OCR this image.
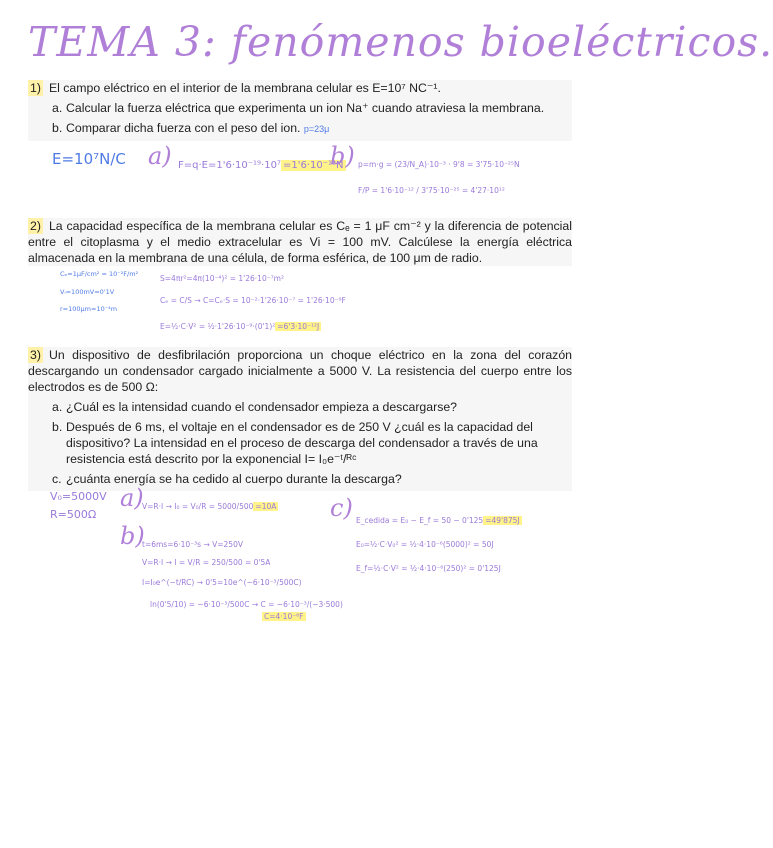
TEMA 3: fenómenos bioeléctricos.

1) El campo eléctrico en el interior de la membrana celular es E=10⁷ NC⁻¹.

a. Calcular la fuerza eléctrica que experimenta un ion Na⁺ cuando atraviesa la membrana.
b. Comparar dicha fuerza con el peso del ion. p=23μ
E=10⁷N/C a) F=q·E=1'6·10⁻¹⁹·10⁷ =1'6·10⁻¹²N
b) p=m·g = (23/N_A)·10⁻³ · 9'8 = 3'75·10⁻²⁵N
F/P = 1'6·10⁻¹² / 3'75·10⁻²⁵ = 4'27·10¹²

2) La capacidad específica de la membrana celular es Cₑ = 1 μF cm⁻² y la diferencia de potencial entre el citoplasma y el medio extracelular es Vi = 100 mV. Calcúlese la energía eléctrica almacenada en la membrana de una célula, de forma esférica, de 100 μm de radio.

Cₑ=1μF/cm² = 10⁻²F/m²
Vᵢ=100mV=0'1V
r=100μm=10⁻⁴m
S=4πr²=4π(10⁻⁴)² = 1'26·10⁻⁷m²
Cₑ = C/S → C=Cₑ·S = 10⁻²·1'26·10⁻⁷ = 1'26·10⁻⁹F
E=½·C·V² = ½·1'26·10⁻⁹·(0'1)² =6'3·10⁻¹²J

3) Un dispositivo de desfibrilación proporciona un choque eléctrico en la zona del corazón descargando un condensador cargado inicialmente a 5000 V. La resistencia del cuerpo entre los electrodos es de 500 Ω:

a. ¿Cuál es la intensidad cuando el condensador empieza a descargarse?
b. Después de 6 ms, el voltaje en el condensador es de 250 V ¿cuál es la capacidad del dispositivo? La intensidad en el proceso de descarga del condensador a través de una resistencia está descrito por la exponencial I= I₀e⁻ᵗ/ᴿᶜ
c. ¿cuánta energía se ha cedido al cuerpo durante la descarga?
V₀=5000V
R=500Ω
a)
V=R·I → I₀ = V₀/R = 5000/500 =10A
b)
t=6ms=6·10⁻³s → V=250V
V=R·I → I = V/R = 250/500 = 0'5A
I=I₀e^(−t/RC) → 0'5=10e^(−6·10⁻³/500C)
ln(0'5/10) = −6·10⁻³/500C → C = −6·10⁻³/(−3·500)
C=4·10⁻⁶F
c) E_cedida = E₀ − E_f = 50 − 0'125 =49'875J
E₀=½·C·V₀² = ½·4·10⁻⁶(5000)² = 50J
E_f=½·C·V² = ½·4·10⁻⁶(250)² = 0'125J
